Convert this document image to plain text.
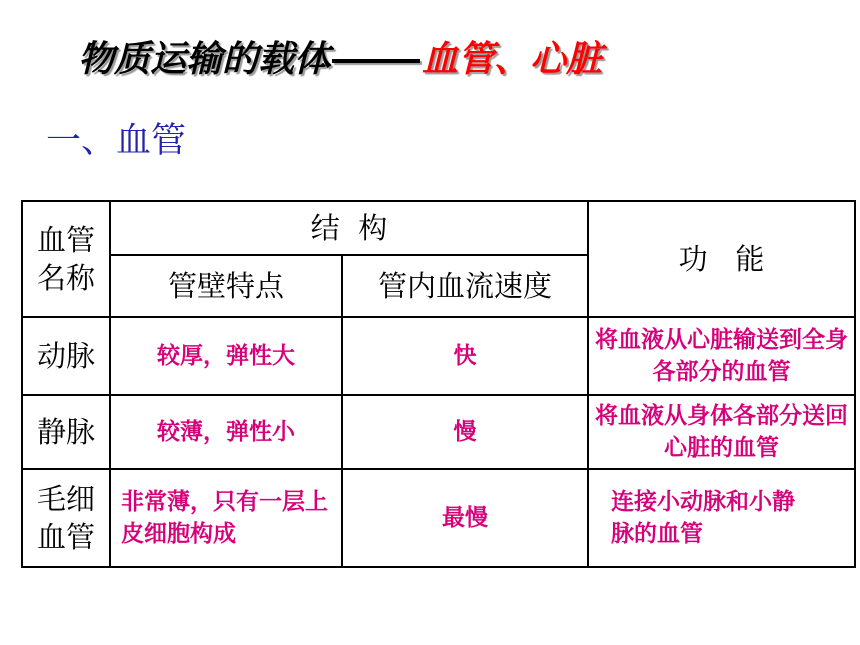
物质运输的载体	血管、心脏
一、血管
血管
名称	结  构		功   能
	管壁特点	管内血流速度	
动脉	较厚，弹性大	快	将血液从心脏输送到全身各部分的血管
静脉	较薄，弹性小	慢	将血液从身体各部分送回心脏的血管
毛细
血管	非常薄，只有一层上皮细胞构成	最慢	连接小动脉和小静脉的血管
